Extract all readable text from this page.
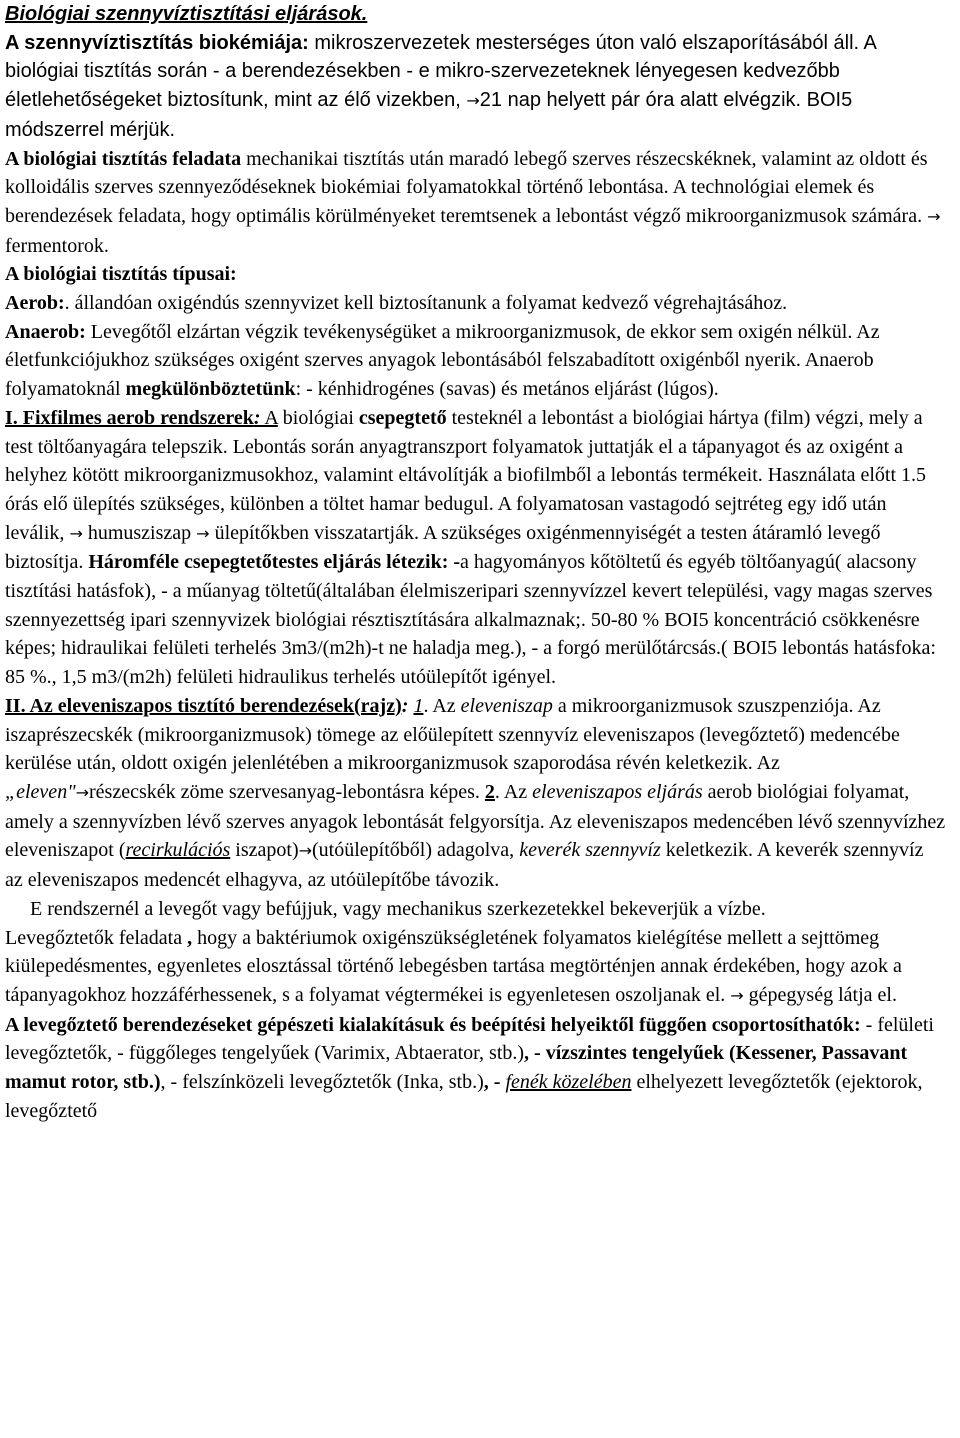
Biológiai szennyvíztisztítási eljárások.
A szennyvíztisztítás biokémiája: mikroszervezetek mesterséges úton való elszaporításából áll. A biológiai tisztítás során - a berendezésekben - e mikro-szervezeteknek lényegesen kedvezőbb életlehetőségeket biztosítunk, mint az élő vizekben, →21 nap helyett pár óra alatt elvégzik. BOI5 módszerrel mérjük.

A biológiai tisztítás feladata mechanikai tisztítás után maradó lebegő szerves részecskéknek, valamint az oldott és kolloidális szerves szennyeződéseknek biokémiai folyamatokkal történő lebontása. A technológiai elemek és berendezések feladata, hogy optimális körülményeket teremtsenek a lebontást végző mikroorganizmusok számára. → fermentorok.

A biológiai tisztítás típusai:

Aerob:. állandóan oxigéndús szennyvizet kell biztosítanunk a folyamat kedvező végrehajtásához.

Anaerob: Levegőtől elzártan végzik tevékenységüket a mikroorganizmusok, de ekkor sem oxigén nélkül. Az életfunkciójukhoz szükséges oxigént szerves anyagok lebontásából felszabadított oxigénből nyerik. Anaerob folyamatoknál megkülönböztetünk: - kénhidrogénes (savas) és metános eljárást (lúgos).

I. Fixfilmes aerob rendszerek: A biológiai csepegtető testeknél a lebontást a biológiai hártya (film) végzi, mely a test töltőanyagára telepszik. Lebontás során anyagtranszport folyamatok juttatják el a tápanyagot és az oxigént a helyhez kötött mikroorganizmusokhoz, valamint eltávolítják a biofilmből a lebontás termékeit. Használata előtt 1.5 órás elő ülepítés szükséges, különben a töltet hamar bedugul. A folyamatosan vastagodó sejtréteg egy idő után leválik, → humusziszap → ülepítőkben visszatartják. A szükséges oxigénmennyiségét a testen átáramló levegő biztosítja. Háromféle csepegtetőtestes eljárás létezik: -a hagyományos kőtöltetű és egyéb töltőanyagú( alacsony tisztítási hatásfok), - a műanyag töltetű(általában élelmiszeripari szennyvízzel kevert települési, vagy magas szerves szennyezettség ipari szennyvizek biológiai résztisztítására alkalmaznak;. 50-80 % BOI5 koncentráció csökkenésre képes; hidraulikai felületi terhelés 3m3/(m2h)-t ne haladja meg.), - a forgó merülőtárcsás.( BOI5 lebontás hatásfoka: 85 %., 1,5 m3/(m2h) felületi hidraulikus terhelés utóülepítőt igényel.

II. Az eleveniszapos tisztító berendezések(rajz): 1. Az eleveniszap a mikroorganizmusok szuszpenziója. Az iszaprészecskék (mikroorganizmusok) tömege az előülepített szennyvíz eleveniszapos (levegőztető) medencébe kerülése után, oldott oxigén jelenlétében a mikroorganizmusok szaporodása révén keletkezik. Az „eleven"→részecskék zöme szervesanyag-lebontásra képes. 2. Az eleveniszapos eljárás aerob biológiai folyamat, amely a szennyvízben lévő szerves anyagok lebontását felgyorsítja. Az eleveniszapos medencében lévő szennyvízhez eleveniszapot (recirkulációs iszapot)→(utóülepítőből) adagolva, keverék szennyvíz keletkezik. A keverék szennyvíz az eleveniszapos medencét elhagyva, az utóülepítőbe távozik.

E rendszernél a levegőt vagy befújjuk, vagy mechanikus szerkezetekkel bekeverjük a vízbe.

Levegőztetők feladata , hogy a baktériumok oxigénszükségletének folyamatos kielégítése mellett a sejttömeg kiülepedésmentes, egyenletes elosztással történő lebegésben tartása megtörténjen annak érdekében, hogy azok a tápanyagokhoz hozzáférhessenek, s a folyamat végtermékei is egyenletesen oszoljanak el. → gépegység látja el.

A levegőztető berendezéseket gépészeti kialakításuk és beépítési helyeiktől függően csoportosíthatók: - felületi levegőztetők, - függőleges tengelyűek (Varimix, Abtaerator, stb.), - vízszintes tengelyűek (Kessener, Passavant mamut rotor, stb.), - felszínközeli levegőztetők (Inka, stb.), - fenék közelében elhelyezett levegőztetők (ejektorok, levegőztető
